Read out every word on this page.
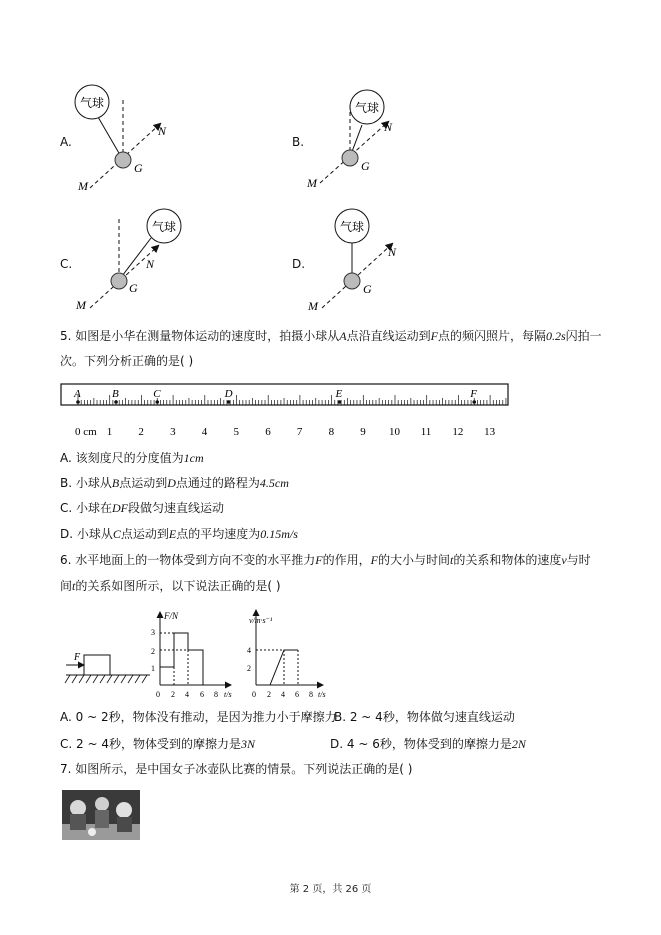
A.	B.
C.	D.
气球
N
G
M
气球
N
G
M
气球
N
G
M
气球
N
G
M
5. 如图是小华在测量物体运动的速度时，拍摄小球从A点沿直线运动到F点的频闪照片，每隔0.2s闪拍一
次。下列分析正确的是( )
A	B	C	D	E	F
0 cm 1 2 3 4 5 6 7 8 9 10 11 12 13
A. 该刻度尺的分度值为1cm
B. 小球从B点运动到D点通过的路程为4.5cm
C. 小球在DF段做匀速直线运动
D. 小球从C点运动到E点的平均速度为0.15m/s
6. 水平地面上的一物体受到方向不变的水平推力F的作用，F的大小与时间t的关系和物体的速度v与时
间t的关系如图所示，以下说法正确的是( )
F
F/N
3
2
1
0 2 4 6 8 t/s
v/m·s⁻¹
4
2
0 2 4 6 8 t/s
A. 0 ~ 2秒，物体没有推动，是因为推力小于摩擦力
B. 2 ~ 4秒，物体做匀速直线运动
C. 2 ~ 4秒，物体受到的摩擦力是3N	D. 4 ~ 6秒，物体受到的摩擦力是2N
7. 如图所示，是中国女子冰壶队比赛的情景。下列说法正确的是( )
第 2 页，共 26 页
